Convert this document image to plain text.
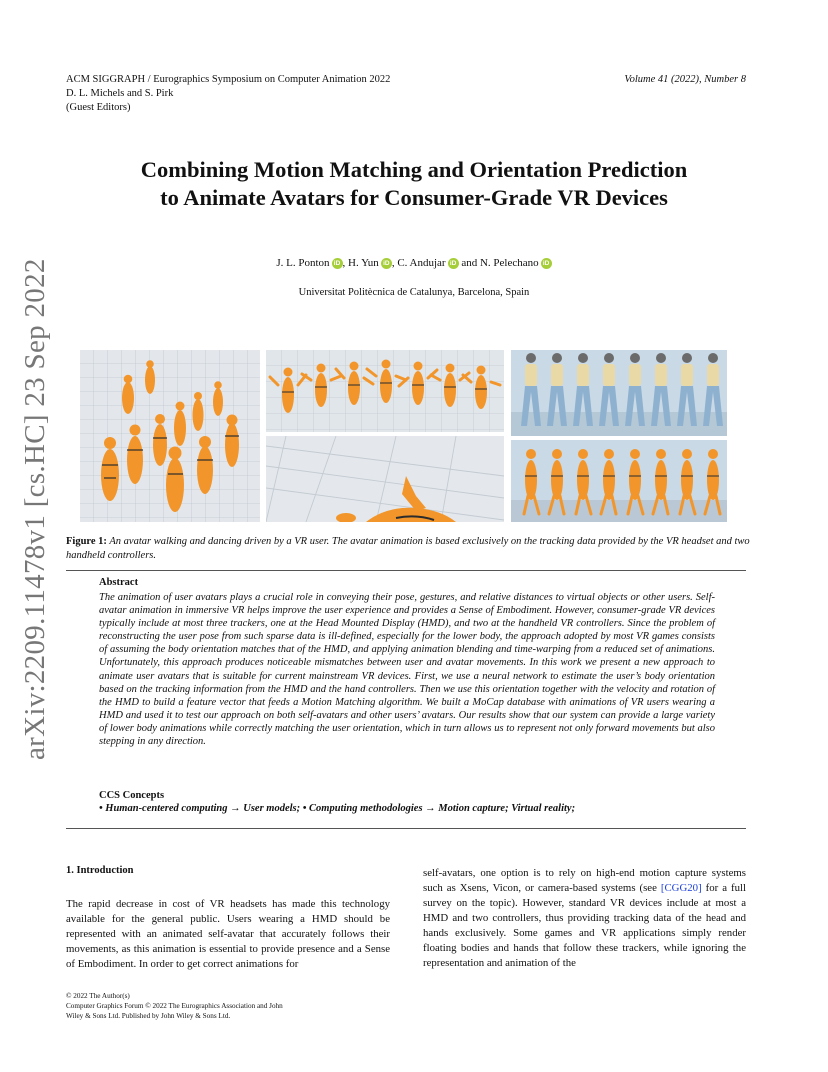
ACM SIGGRAPH / Eurographics Symposium on Computer Animation 2022
D. L. Michels and S. Pirk
(Guest Editors)
Volume 41 (2022), Number 8
arXiv:2209.11478v1 [cs.HC] 23 Sep 2022
Combining Motion Matching and Orientation Prediction
to Animate Avatars for Consumer-Grade VR Devices
J. L. Ponton iD , H. Yun iD , C. Andujar iD and N. Pelechano iD
Universitat Politècnica de Catalunya, Barcelona, Spain
Figure 1: An avatar walking and dancing driven by a VR user. The avatar animation is based exclusively on the tracking data provided by the VR headset and two handheld controllers.
Abstract
The animation of user avatars plays a crucial role in conveying their pose, gestures, and relative distances to virtual objects or other users. Self-avatar animation in immersive VR helps improve the user experience and provides a Sense of Embodiment. However, consumer-grade VR devices typically include at most three trackers, one at the Head Mounted Display (HMD), and two at the handheld VR controllers. Since the problem of reconstructing the user pose from such sparse data is ill-defined, especially for the lower body, the approach adopted by most VR games consists of assuming the body orientation matches that of the HMD, and applying animation blending and time-warping from a reduced set of animations. Unfortunately, this approach produces noticeable mismatches between user and avatar movements. In this work we present a new approach to animate user avatars that is suitable for current mainstream VR devices. First, we use a neural network to estimate the user’s body orientation based on the tracking information from the HMD and the hand controllers. Then we use this orientation together with the velocity and rotation of the HMD to build a feature vector that feeds a Motion Matching algorithm. We built a MoCap database with animations of VR users wearing a HMD and used it to test our approach on both self-avatars and other users’ avatars. Our results show that our system can provide a large variety of lower body animations while correctly matching the user orientation, which in turn allows us to represent not only forward movements but also stepping in any direction.
CCS Concepts
• Human-centered computing → User models; • Computing methodologies → Motion capture; Virtual reality;
1. Introduction
The rapid decrease in cost of VR headsets has made this technology available for the general public. Users wearing a HMD should be represented with an animated self-avatar that accurately follows their movements, as this animation is essential to provide presence and a Sense of Embodiment. In order to get correct animations for
self-avatars, one option is to rely on high-end motion capture systems such as Xsens, Vicon, or camera-based systems (see [CGG20] for a full survey on the topic). However, standard VR devices include at most a HMD and two controllers, thus providing tracking data of the head and hands exclusively. Some games and VR applications simply render floating bodies and hands that follow these trackers, while ignoring the representation and animation of the
© 2022 The Author(s)
Computer Graphics Forum © 2022 The Eurographics Association and John
Wiley & Sons Ltd. Published by John Wiley & Sons Ltd.
